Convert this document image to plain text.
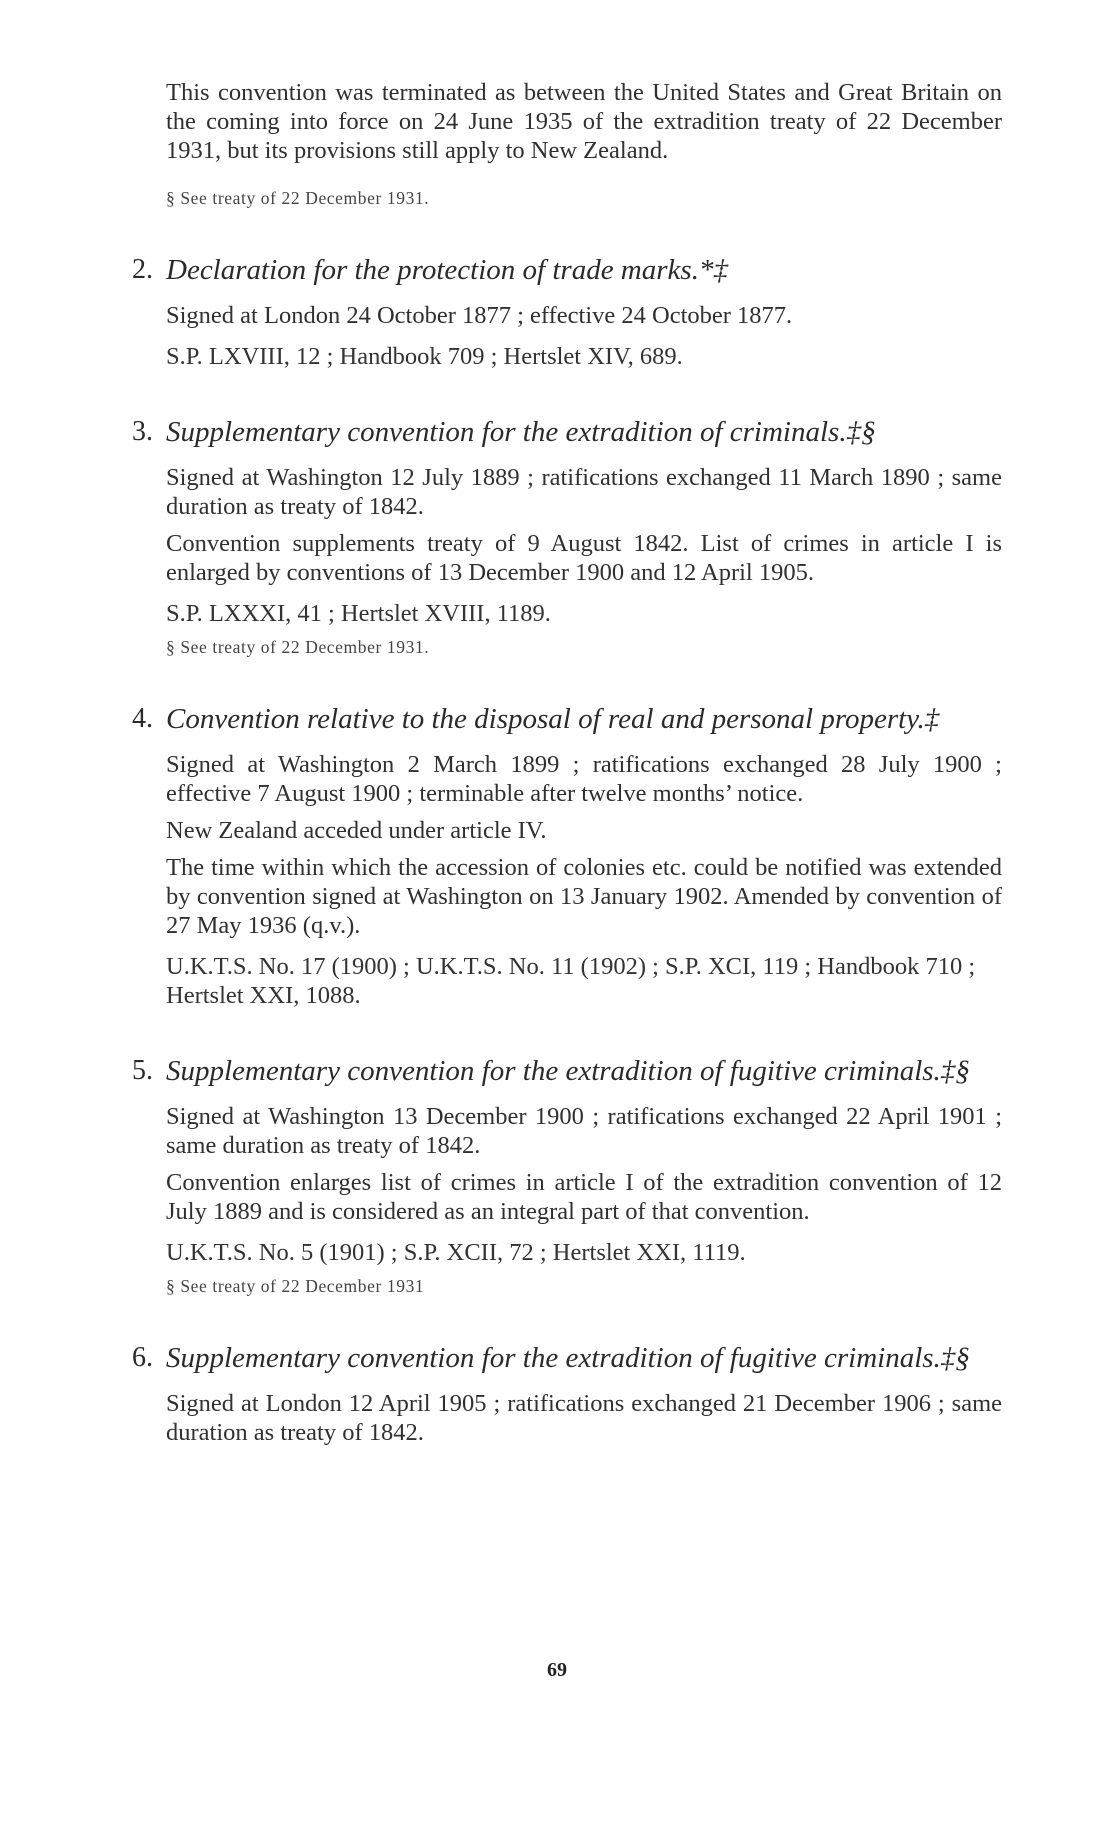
This convention was terminated as between the United States and Great Britain on the coming into force on 24 June 1935 of the extradition treaty of 22 December 1931, but its provisions still apply to New Zealand.

§ See treaty of 22 December 1931.

2. Declaration for the protection of trade marks.*‡

Signed at London 24 October 1877 ; effective 24 October 1877.

S.P. LXVIII, 12 ; Handbook 709 ; Hertslet XIV, 689.

3. Supplementary convention for the extradition of criminals.‡§

Signed at Washington 12 July 1889 ; ratifications exchanged 11 March 1890 ; same duration as treaty of 1842.

Convention supplements treaty of 9 August 1842. List of crimes in article I is enlarged by conventions of 13 December 1900 and 12 April 1905.

S.P. LXXXI, 41 ; Hertslet XVIII, 1189.

§ See treaty of 22 December 1931.

4. Convention relative to the disposal of real and personal property.‡

Signed at Washington 2 March 1899 ; ratifications exchanged 28 July 1900 ; effective 7 August 1900 ; terminable after twelve months’ notice.

New Zealand acceded under article IV.

The time within which the accession of colonies etc. could be notified was extended by convention signed at Washington on 13 January 1902. Amended by convention of 27 May 1936 (q.v.).

U.K.T.S. No. 17 (1900) ; U.K.T.S. No. 11 (1902) ; S.P. XCI, 119 ; Handbook 710 ; Hertslet XXI, 1088.

5. Supplementary convention for the extradition of fugitive criminals.‡§

Signed at Washington 13 December 1900 ; ratifications exchanged 22 April 1901 ; same duration as treaty of 1842.

Convention enlarges list of crimes in article I of the extradition convention of 12 July 1889 and is considered as an integral part of that convention.

U.K.T.S. No. 5 (1901) ; S.P. XCII, 72 ; Hertslet XXI, 1119.

§ See treaty of 22 December 1931

6. Supplementary convention for the extradition of fugitive criminals.‡§

Signed at London 12 April 1905 ; ratifications exchanged 21 December 1906 ; same duration as treaty of 1842.

69
